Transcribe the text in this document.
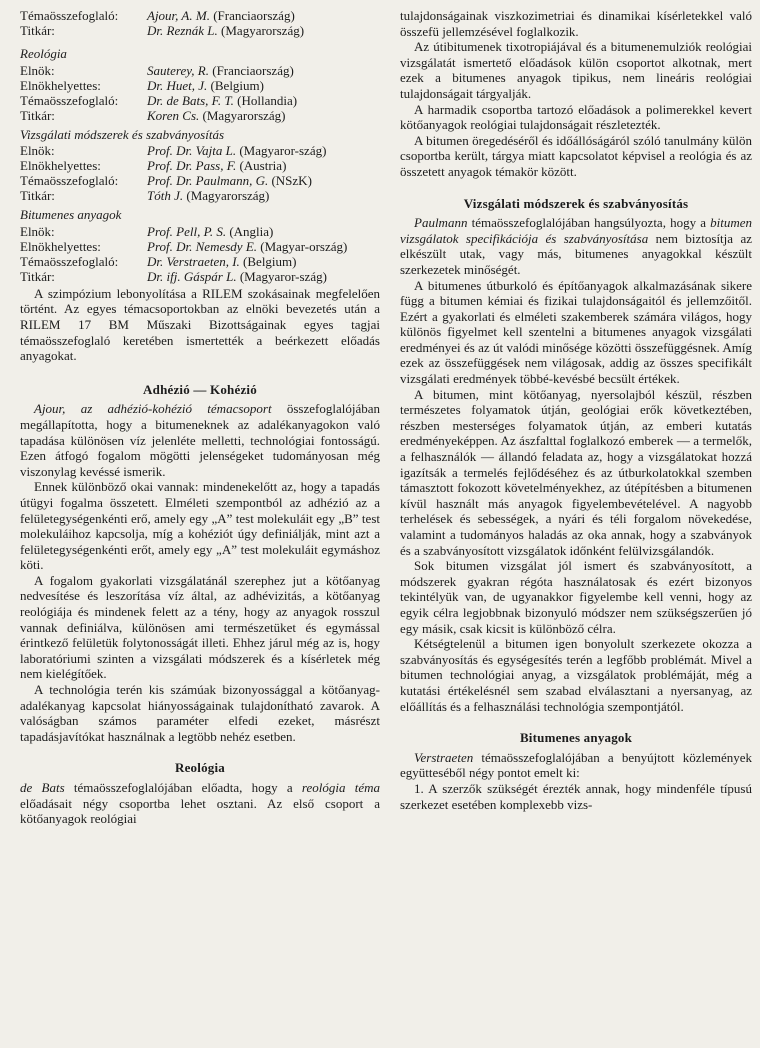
Témaösszefoglaló:	Ajour, A. M. (Franciaország)
Titkár:	Dr. Reznák L. (Magyarország)
Reológia
Elnök:	Sauterey, R. (Franciaország)
Elnökhelyettes:	Dr. Huet, J. (Belgium)
Témaösszefoglaló:	Dr. de Bats, F. T. (Hollandia)
Titkár:	Koren Cs. (Magyarország)
Vizsgálati módszerek és szabványosítás
Elnök:	Prof. Dr. Vajta L. (Magyaror-szág)
Elnökhelyettes:	Prof. Dr. Pass, F. (Austria)
Témaösszefoglaló:	Prof. Dr. Paulmann, G. (NSzK)
Titkár:	Tóth J. (Magyarország)
Bitumenes anyagok
Elnök:	Prof. Pell, P. S. (Anglia)
Elnökhelyettes:	Prof. Dr. Nemesdy E. (Magyar-ország)
Témaösszefoglaló:	Dr. Verstraeten, I. (Belgium)
Titkár:	Dr. ifj. Gáspár L. (Magyaror-szág)

A szimpózium lebonyolítása a RILEM szokásainak megfelelően történt. Az egyes témacsoportokban az elnöki bevezetés után a RILEM 17 BM Műszaki Bizottságainak egyes tagjai témaösszefoglaló keretében ismertették a beérkezett előadás anyagokat.

Adhézió — Kohézió

Ajour, az adhézió-kohézió témacsoport összefoglalójában megállapította, hogy a bitumeneknek az adalékanyagokon való tapadása különösen víz jelenléte melletti, technológiai fontosságú. Ezen átfogó fogalom mögötti jelenségeket tudományosan még viszonylag kevéssé ismerik.

Ennek különböző okai vannak: mindenekelőtt az, hogy a tapadás útügyi fogalma összetett. Elméleti szempontból az adhézió az a felületegységenkénti erő, amely egy „A” test molekuláit egy „B” test molekuláihoz kapcsolja, míg a kohéziót úgy definiálják, mint azt a felületegységenkénti erőt, amely egy „A” test molekuláit egymáshoz köti.

A fogalom gyakorlati vizsgálatánál szerephez jut a kötőanyag nedvesítése és leszorítása víz által, az adhévizitás, a kötőanyag reológiája és mindenek felett az a tény, hogy az anyagok rosszul vannak definiálva, különösen ami természetüket és egymással érintkező felületük folytonosságát illeti. Ehhez járul még az is, hogy laboratóriumi szinten a vizsgálati módszerek és a kísérletek még nem kielégítőek.

A technológia terén kis számúak bizonyossággal a kötőanyag-adalékanyag kapcsolat hiányosságainak tulajdonítható zavarok. A valóságban számos paraméter elfedi ezeket, másrészt tapadásjavítókat használnak a legtöbb nehéz esetben.

Reológia

de Bats témaösszefoglalójában előadta, hogy a reológia téma előadásait négy csoportba lehet osztani. Az első csoport a kötőanyagok reológiai

tulajdonságainak viszkozimetriai és dinamikai kísérletekkel való összefü jellemzésével foglalkozik.

Az útibitumenek tixotropiájával és a bitumenemulziók reológiai vizsgálatát ismertető előadások külön csoportot alkotnak, mert ezek a bitumenes anyagok tipikus, nem lineáris reológiai tulajdonságait tárgyalják.

A harmadik csoportba tartozó előadások a polimerekkel kevert kötőanyagok reológiai tulajdonságait részletezték.

A bitumen öregedéséről és időállóságáról szóló tanulmány külön csoportba került, tárgya miatt kapcsolatot képvisel a reológia és az összetett anyagok témakör között.

Vizsgálati módszerek és szabványosítás

Paulmann témaösszefoglalójában hangsúlyozta, hogy a bitumen vizsgálatok specifikációja és szabványosítása nem biztosítja az elkészült utak, vagy más, bitumenes anyagokkal készült szerkezetek minőségét.

A bitumenes útburkoló és építőanyagok alkalmazásának sikere függ a bitumen kémiai és fizikai tulajdonságaitól és jellemzőitől. Ezért a gyakorlati és elméleti szakemberek számára világos, hogy különös figyelmet kell szentelni a bitumenes anyagok vizsgálati eredményei és az út valódi minősége közötti összefüggésnek. Amíg ezek az összefüggések nem világosak, addig az összes specifikált vizsgálati eredmények többé-kevésbé becsült értékek.

A bitumen, mint kötőanyag, nyersolajból készül, részben természetes folyamatok útján, geológiai erők következtében, részben mesterséges folyamatok útján, az emberi kutatás eredményeképpen. Az ászfalttal foglalkozó emberek — a termelők, a felhasználók — állandó feladata az, hogy a vizsgálatokat hozzá igazítsák a termelés fejlődéséhez és az útburkolatokkal szemben támasztott fokozott követelményekhez, az útépítésben a bitumenen kívül használt más anyagok figyelembevételével. A nagyobb terhelések és sebességek, a nyári és téli forgalom növekedése, valamint a tudományos haladás az oka annak, hogy a szabványok és a szabványosított vizsgálatok időnként felülvizsgálandók.

Sok bitumen vizsgálat jól ismert és szabványosított, a módszerek gyakran régóta használatosak és ezért bizonyos tekintélyük van, de ugyanakkor figyelembe kell venni, hogy az egyik célra legjobbnak bizonyuló módszer nem szükségszerűen jó egy másik, csak kicsit is különböző célra.

Kétségtelenül a bitumen igen bonyolult szerkezete okozza a szabványosítás és egységesítés terén a legfőbb problémát. Mivel a bitumen technológiai anyag, a vizsgálatok problémáját, még a kutatási értékelésnél sem szabad elválasztani a nyersanyag, az előállítás és a felhasználási technológia szempontjától.

Bitumenes anyagok

Verstraeten témaösszefoglalójában a benyújtott közlemények együtteséből négy pontot emelt ki:

1. A szerzők szükségét érezték annak, hogy mindenféle típusú szerkezet esetében komplexebb vizs-
